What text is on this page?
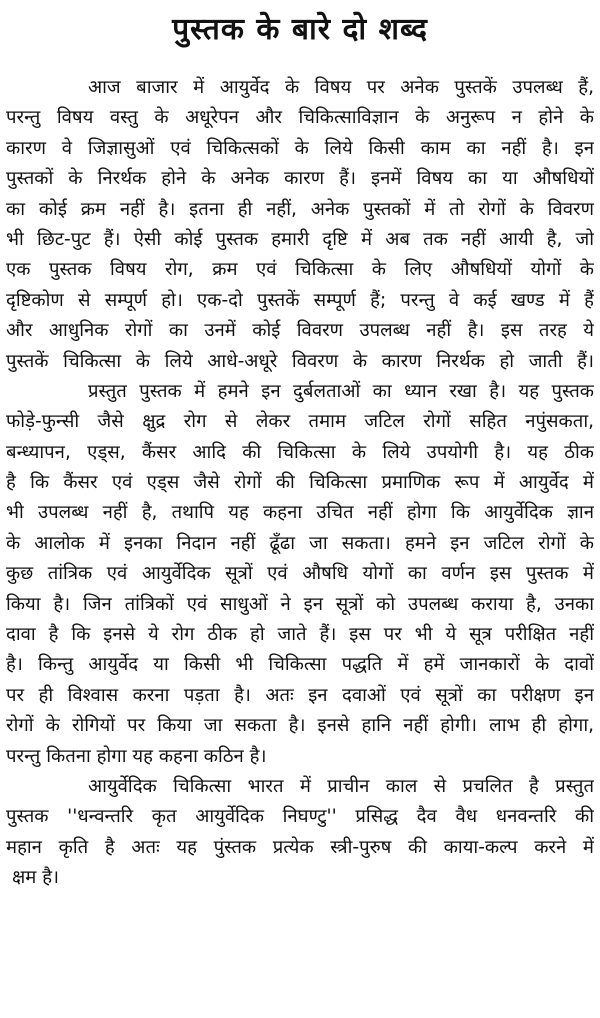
पुस्तक के बारे दो शब्द
आज बाजार में आयुर्वेद के विषय पर अनेक पुस्तकें उपलब्ध हैं,
परन्तु विषय वस्तु के अधूरेपन और चिकित्साविज्ञान के अनुरूप न होने के
कारण वे जिज्ञासुओं एवं चिकित्सकों के लिये किसी काम का नहीं है। इन
पुस्तकों के निरर्थक होने के अनेक कारण हैं। इनमें विषय का या औषधियों
का कोई क्रम नहीं है। इतना ही नहीं, अनेक पुस्तकों में तो रोगों के विवरण
भी छिट-पुट हैं। ऐसी कोई पुस्तक हमारी दृष्टि में अब तक नहीं आयी है, जो
एक पुस्तक विषय रोग, क्रम एवं चिकित्सा के लिए औषधियों योगों के
दृष्टिकोण से सम्पूर्ण हो। एक-दो पुस्तकें सम्पूर्ण हैं; परन्तु वे कई खण्ड में हैं
और आधुनिक रोगों का उनमें कोई विवरण उपलब्ध नहीं है। इस तरह ये
पुस्तकें चिकित्सा के लिये आधे-अधूरे विवरण के कारण निरर्थक हो जाती हैं।
प्रस्तुत पुस्तक में हमने इन दुर्बलताओं का ध्यान रखा है। यह पुस्तक
फोड़े-फुन्सी जैसे क्षुद्र रोग से लेकर तमाम जटिल रोगों सहित नपुंसकता,
बन्ध्यापन, एड्स, कैंसर आदि की चिकित्सा के लिये उपयोगी है। यह ठीक
है कि कैंसर एवं एड्स जैसे रोगों की चिकित्सा प्रमाणिक रूप में आयुर्वेद में
भी उपलब्ध नहीं है, तथापि यह कहना उचित नहीं होगा कि आयुर्वेदिक ज्ञान
के आलोक में इनका निदान नहीं ढूँढा जा सकता। हमने इन जटिल रोगों के
कुछ तांत्रिक एवं आयुर्वेदिक सूत्रों एवं औषधि योगों का वर्णन इस पुस्तक में
किया है। जिन तांत्रिकों एवं साधुओं ने इन सूत्रों को उपलब्ध कराया है, उनका
दावा है कि इनसे ये रोग ठीक हो जाते हैं। इस पर भी ये सूत्र परीक्षित नहीं
है। किन्तु आयुर्वेद या किसी भी चिकित्सा पद्धति में हमें जानकारों के दावों
पर ही विश्वास करना पड़ता है। अतः इन दवाओं एवं सूत्रों का परीक्षण इन
रोगों के रोगियों पर किया जा सकता है। इनसे हानि नहीं होगी। लाभ ही होगा,
परन्तु कितना होगा यह कहना कठिन है।
आयुर्वेदिक चिकित्सा भारत में प्राचीन काल से प्रचलित है प्रस्तुत
पुस्तक ''धन्वन्तरि कृत आयुर्वेदिक निघण्टु'' प्रसिद्ध दैव वैध धनवन्तरि की
महान कृति है अतः यह पुंस्तक प्रत्येक स्त्री-पुरुष की काया-कल्प करने में
क्षम है।
